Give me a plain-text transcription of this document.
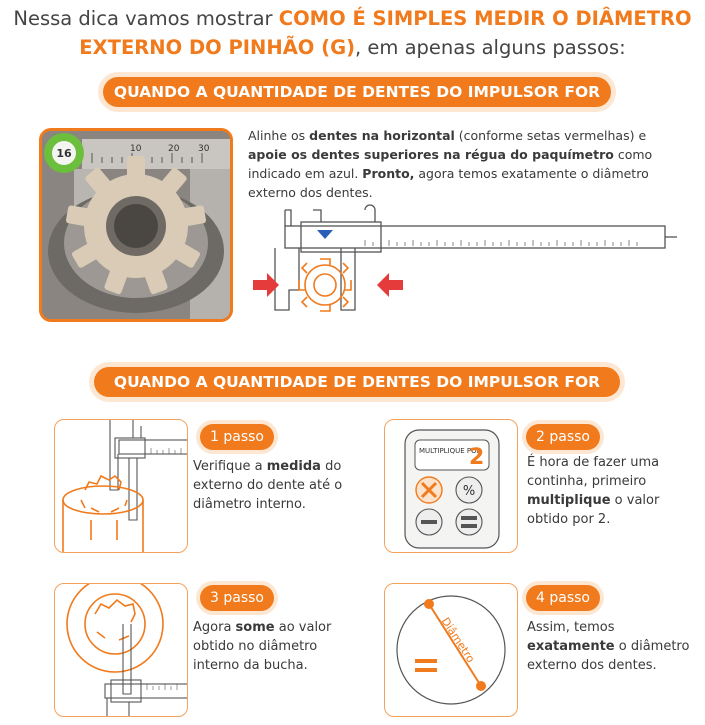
Nessa dica vamos mostrar COMO É SIMPLES MEDIR O DIÂMETRO
EXTERNO DO PINHÃO (G), em apenas alguns passos:
QUANDO A QUANTIDADE DE DENTES DO IMPULSOR FOR PAR.
10	20 30
16
Alinhe os dentes na horizontal (conforme setas vermelhas) e apoie os dentes superiores na régua do paquímetro como indicado em azul. Pronto, agora temos exatamente o diâmetro externo dos dentes.
QUANDO A QUANTIDADE DE DENTES DO IMPULSOR FOR IMPAR.
1 passo
Verifique a medida do externo do dente até o diâmetro interno.
MULTIPLIQUE POR
2
%
2 passo
É hora de fazer uma continha, primeiro multiplique o valor obtido por 2.
3 passo
Agora some ao valor obtido no diâmetro interno da bucha.
Diâmetro
4 passo
Assim, temos exatamente o diâmetro externo dos dentes.
